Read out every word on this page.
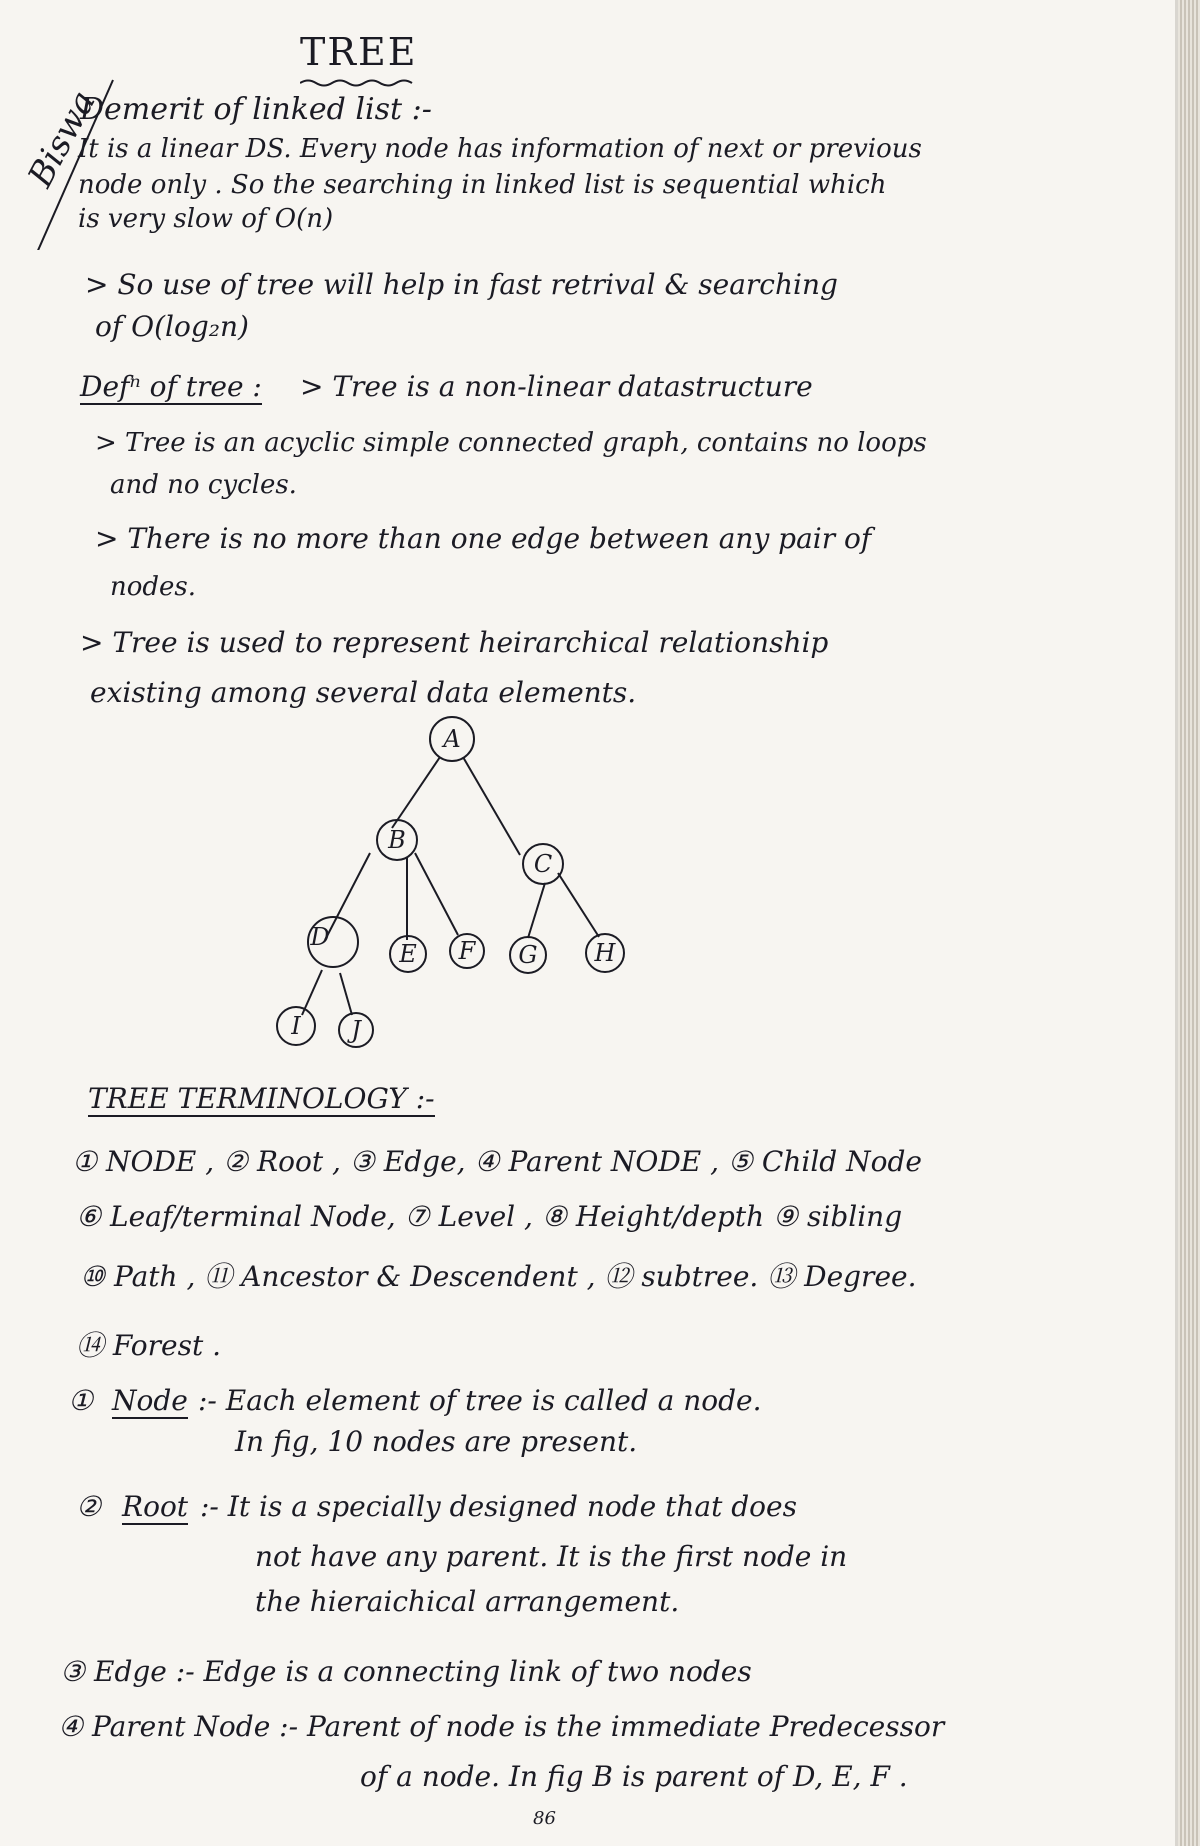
Biswa
TREE
Demerit of linked list :-
It is a linear DS. Every node has information of next or previous
node only . So the searching in linked list is sequential which
is very slow of O(n)
> So use of tree will help in fast retrival & searching
of O(log₂n)
Defⁿ of tree : > Tree is a non-linear datastructure
> Tree is an acyclic simple connected graph, contains no loops
and no cycles.
> There is no more than one edge between any pair of
nodes.
> Tree is used to represent heirarchical relationship
existing among several data elements.
A
B
C
D
E F G H
I J
TREE TERMINOLOGY :-
① NODE , ② Root , ③ Edge, ④ Parent NODE , ⑤ Child Node
⑥ Leaf/terminal Node, ⑦ Level , ⑧ Height/depth ⑨ sibling
⑩ Path , ⑪ Ancestor & Descendent , ⑫ subtree. ⑬ Degree.
⑭ Forest .
① Node :- Each element of tree is called a node.
In fig, 10 nodes are present.
② Root :- It is a specially designed node that does
not have any parent. It is the first node in
the hieraichical arrangement.
③ Edge :- Edge is a connecting link of two nodes
④ Parent Node :- Parent of node is the immediate Predecessor
of a node. In fig B is parent of D, E, F .
86
